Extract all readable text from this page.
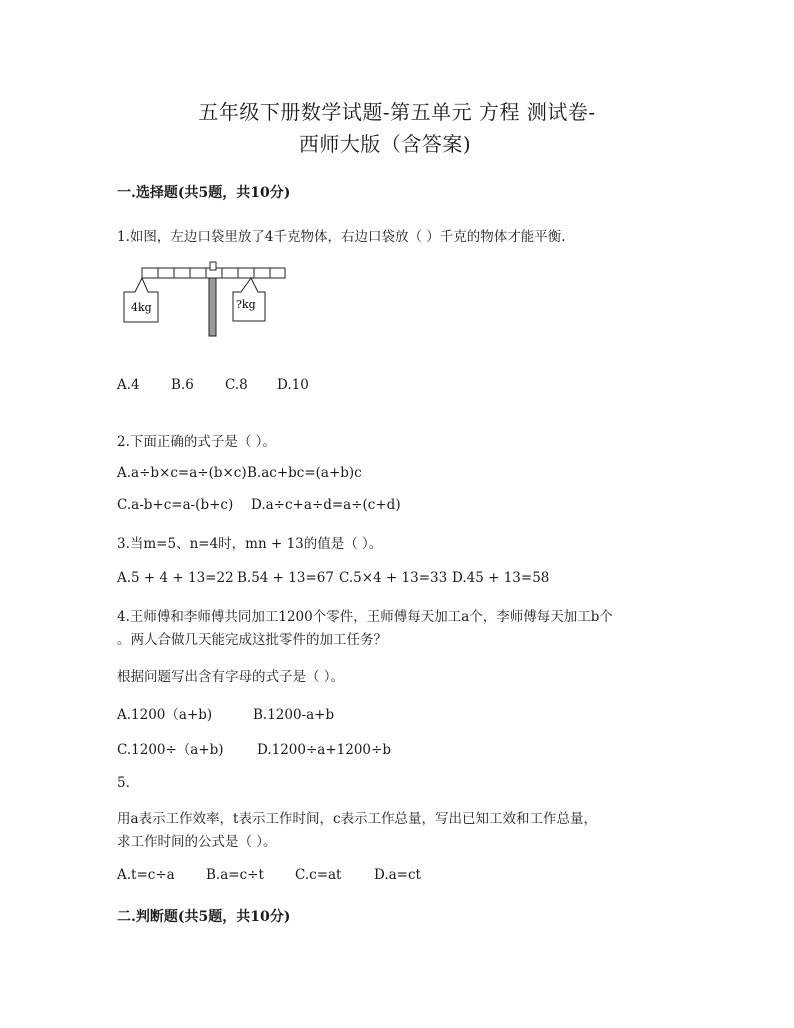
五年级下册数学试题-第五单元 方程 测试卷-
西师大版（含答案)
一.选择题(共5题，共10分)
1.如图，左边口袋里放了4千克物体，右边口袋放（ ）千克的物体才能平衡.
4kg	?kg
A.4 B.6 C.8 D.10
2.下面正确的式子是（ ）。
A.a÷b×c=a÷(b×c)B.ac+bc=(a+b)c
C.a-b+c=a-(b+c) D.a÷c+a÷d=a÷(c+d)
3.当m=5、n=4时，mn + 13的值是（ ）。
A.5 + 4 + 13=22 B.54 + 13=67 C.5×4 + 13=33 D.45 + 13=58
4.王师傅和李师傅共同加工1200个零件，王师傅每天加工a个，李师傅每天加工b个
。两人合做几天能完成这批零件的加工任务？
根据问题写出含有字母的式子是（ ）。
A.1200（a+b)	B.1200-a+b
C.1200÷（a+b) D.1200÷a+1200÷b
5.
用a表示工作效率，t表示工作时间，c表示工作总量，写出已知工效和工作总量，
求工作时间的公式是（ ）。
A.t=c÷a B.a=c÷t C.c=at D.a=ct
二.判断题(共5题，共10分)
